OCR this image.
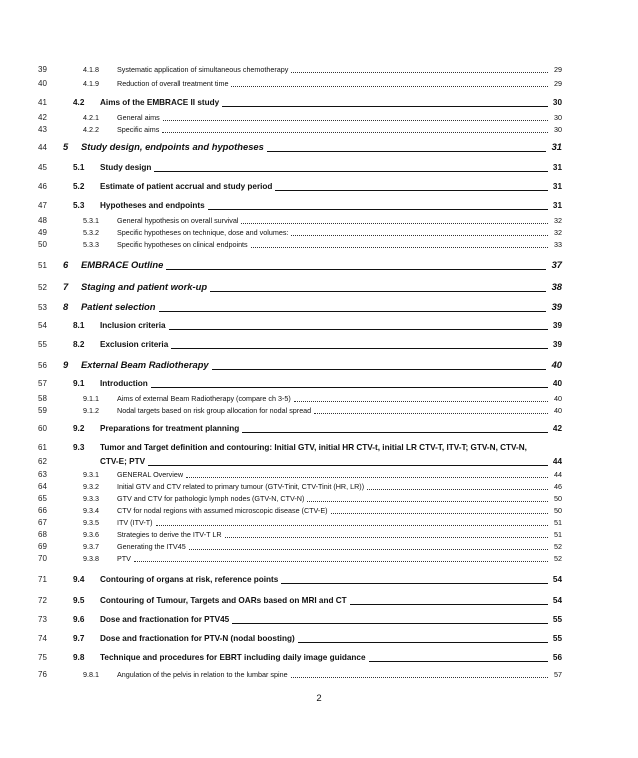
39	4.1.8	Systematic application of simultaneous chemotherapy	29
40	4.1.9	Reduction of overall treatment time	29
41	4.2	Aims of the EMBRACE II study	30
42	4.2.1	General aims	30
43	4.2.2	Specific aims	30
44 5	Study design, endpoints and hypotheses	31
45	5.1	Study design	31
46	5.2	Estimate of patient accrual and study period	31
47	5.3	Hypotheses and endpoints	31
48	5.3.1	General hypothesis on overall survival	32
49	5.3.2	Specific hypotheses on technique, dose and volumes:	32
50	5.3.3	Specific hypotheses on clinical endpoints	33
51 6	EMBRACE Outline	37
52 7	Staging and patient work-up	38
53 8	Patient selection	39
54	8.1	Inclusion criteria	39
55	8.2	Exclusion criteria	39
56 9	External Beam Radiotherapy	40
57	9.1	Introduction	40
58	9.1.1	Aims of external Beam Radiotherapy (compare ch 3-5)	40
59	9.1.2	Nodal targets based on risk group allocation for nodal spread	40
60	9.2	Preparations for treatment planning	42
61	9.3	Tumor and Target definition and contouring: Initial GTV, initial HR CTV-t, initial LR CTV-T, ITV-T; GTV-N, CTV-N,
62	CTV-E; PTV	44
63	9.3.1	GENERAL Overview	44
64	9.3.2	Initial GTV and CTV related to primary tumour (GTV-Tinit, CTV-Tinit (HR, LR))	46
65	9.3.3	GTV and CTV for pathologic lymph nodes (GTV-N, CTV-N)	50
66	9.3.4	CTV for nodal regions with assumed microscopic disease (CTV-E)	50
67	9.3.5	ITV (ITV-T)	51
68	9.3.6	Strategies to derive the ITV-T LR	51
69	9.3.7	Generating the ITV45	52
70	9.3.8	PTV	52
71	9.4	Contouring of organs at risk, reference points	54
72	9.5	Contouring of Tumour, Targets and OARs based on MRI and CT	54
73	9.6	Dose and fractionation for PTV45	55
74	9.7	Dose and fractionation for PTV-N (nodal boosting)	55
75	9.8	Technique and procedures for EBRT including daily image guidance	56
76	9.8.1	Angulation of the pelvis in relation to the lumbar spine	57
2
